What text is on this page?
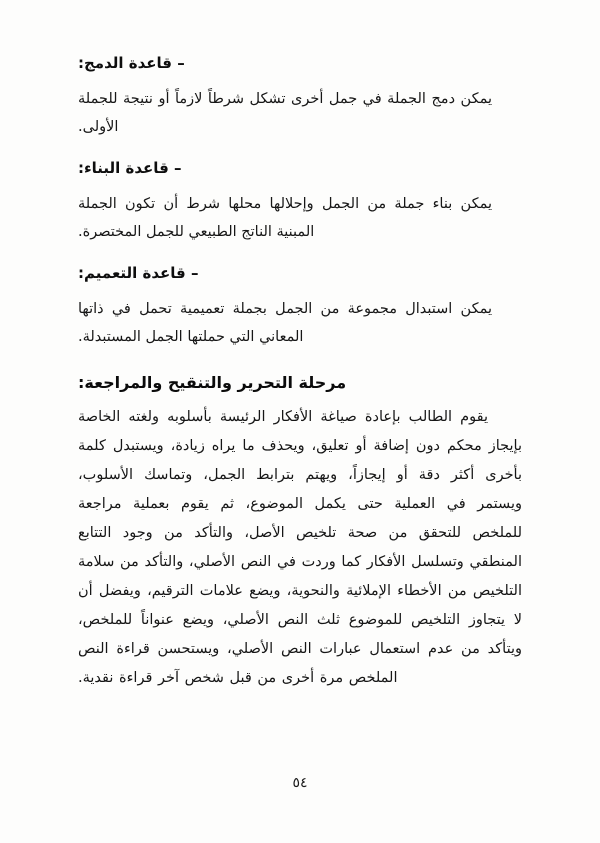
– قاعدة الدمج:

يمكن دمج الجملة في جمل أخرى تشكل شرطاً لازماً أو نتيجة للجملة الأولى.

– قاعدة البناء:

يمكن بناء جملة من الجمل وإحلالها محلها شرط أن تكون الجملة المبنية الناتج الطبيعي للجمل المختصرة.

– قاعدة التعميم:

يمكن استبدال مجموعة من الجمل بجملة تعميمية تحمل في ذاتها المعاني التي حملتها الجمل المستبدلة.

مرحلة التحرير والتنقيح والمراجعة:

يقوم الطالب بإعادة صياغة الأفكار الرئيسة بأسلوبه ولغته الخاصة بإيجاز محكم دون إضافة أو تعليق، ويحذف ما يراه زيادة، ويستبدل كلمة بأخرى أكثر دقة أو إيجازاً، ويهتم بترابط الجمل، وتماسك الأسلوب، ويستمر في العملية حتى يكمل الموضوع، ثم يقوم بعملية مراجعة للملخص للتحقق من صحة تلخيص الأصل، والتأكد من وجود التتابع المنطقي وتسلسل الأفكار كما وردت في النص الأصلي، والتأكد من سلامة التلخيص من الأخطاء الإملائية والنحوية، ويضع علامات الترقيم، ويفضل أن لا يتجاوز التلخيص للموضوع ثلث النص الأصلي، ويضع عنواناً للملخص، ويتأكد من عدم استعمال عبارات النص الأصلي، ويستحسن قراءة النص الملخص مرة أخرى من قبل شخص آخر قراءة نقدية.

٥٤
